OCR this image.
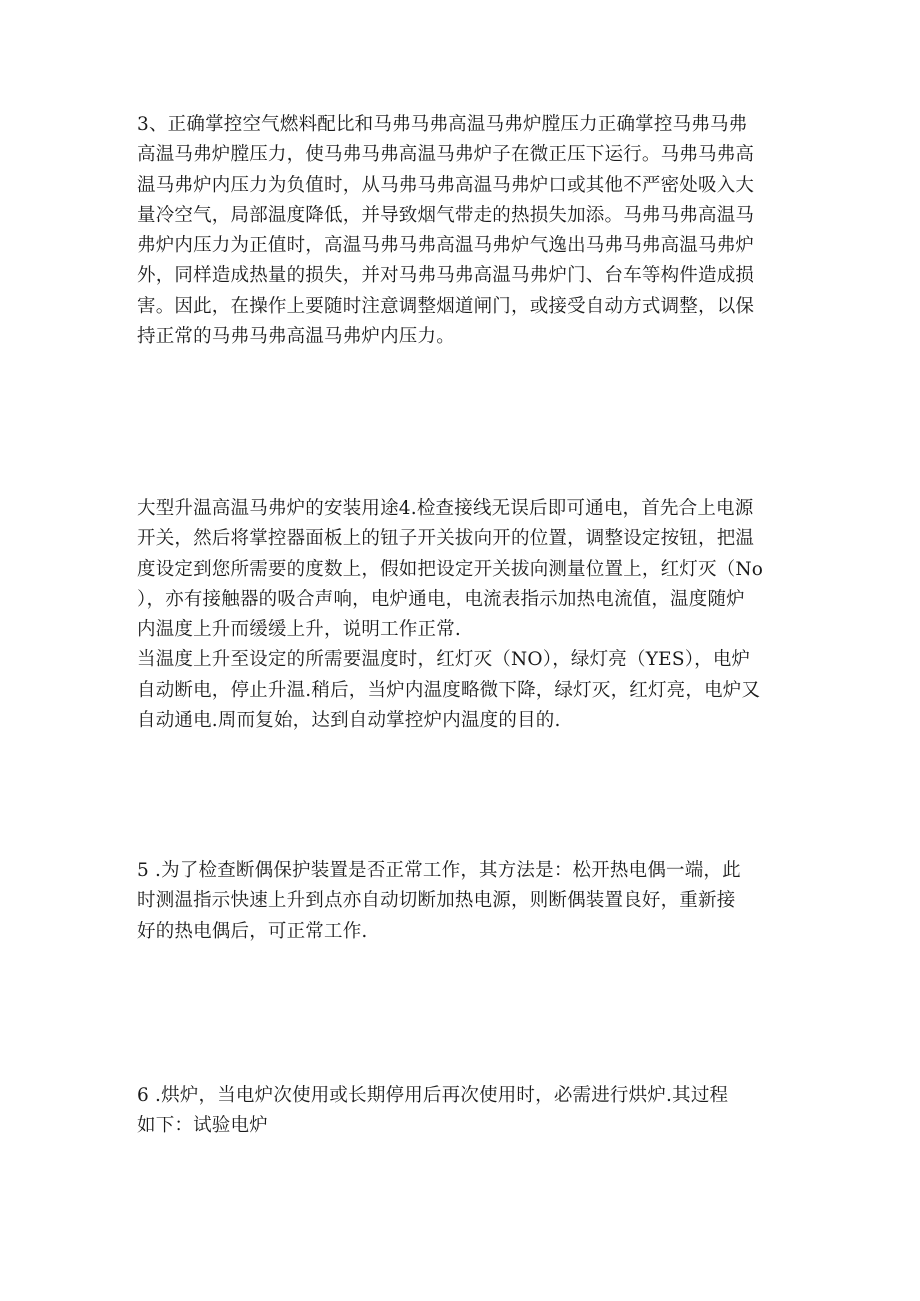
3、正确掌控空气燃料配比和马弗马弗高温马弗炉膛压力正确掌控马弗马弗
高温马弗炉膛压力，使马弗马弗高温马弗炉子在微正压下运行。马弗马弗高
温马弗炉内压力为负值时，从马弗马弗高温马弗炉口或其他不严密处吸入大
量冷空气，局部温度降低，并导致烟气带走的热损失加添。马弗马弗高温马
弗炉内压力为正值时，高温马弗马弗高温马弗炉气逸出马弗马弗高温马弗炉
外，同样造成热量的损失，并对马弗马弗高温马弗炉门、台车等构件造成损
害。因此，在操作上要随时注意调整烟道闸门，或接受自动方式调整，以保
持正常的马弗马弗高温马弗炉内压力。

大型升温高温马弗炉的安装用途4.检查接线无误后即可通电，首先合上电源
开关，然后将掌控器面板上的钮子开关拔向开的位置，调整设定按钮，把温
度设定到您所需要的度数上，假如把设定开关拔向测量位置上，红灯灭（No
），亦有接触器的吸合声响，电炉通电，电流表指示加热电流值，温度随炉
内温度上升而缓缓上升，说明工作正常.
当温度上升至设定的所需要温度时，红灯灭（NO），绿灯亮（YES），电炉
自动断电，停止升温.稍后，当炉内温度略微下降，绿灯灭，红灯亮，电炉又
自动通电.周而复始，达到自动掌控炉内温度的目的.

5 .为了检查断偶保护装置是否正常工作，其方法是：松开热电偶一端，此
时测温指示快速上升到点亦自动切断加热电源，则断偶装置良好，重新接
好的热电偶后，可正常工作.

6 .烘炉，当电炉次使用或长期停用后再次使用时，必需进行烘炉.其过程
如下：试验电炉
